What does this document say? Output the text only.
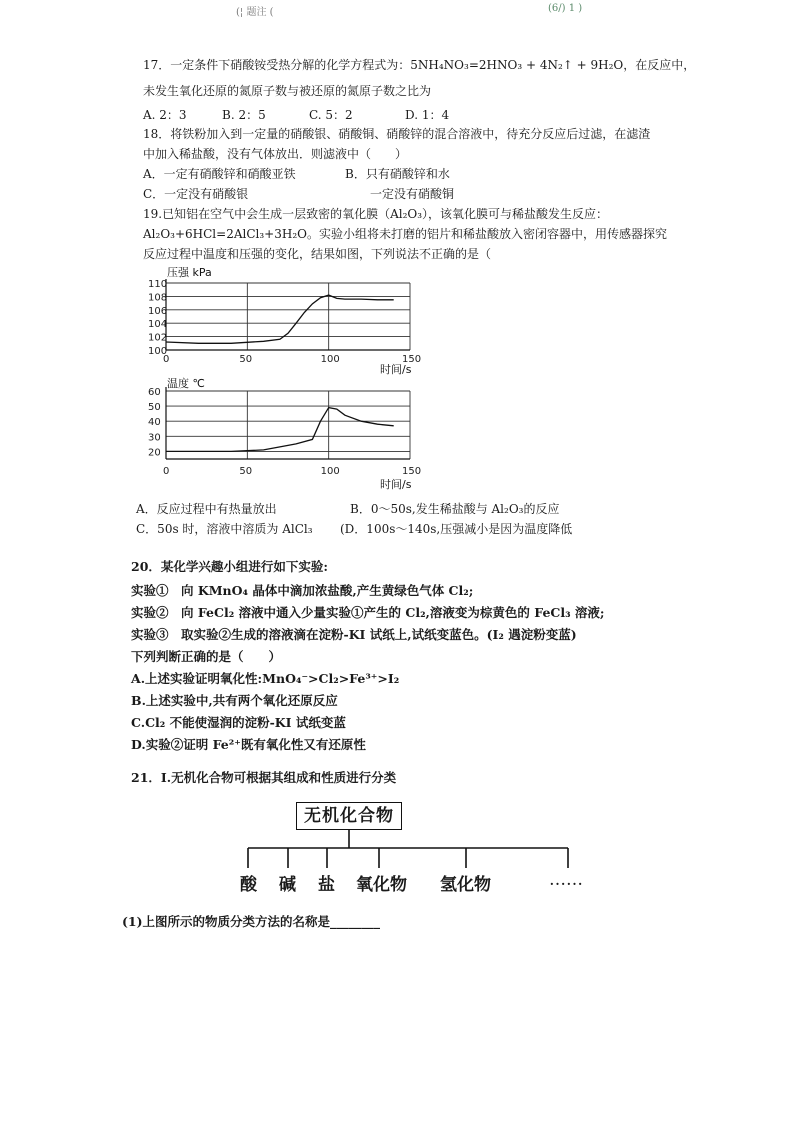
(¦ 题注 (	(6/) 1 )
17．一定条件下硝酸铵受热分解的化学方程式为：5NH₄NO₃=2HNO₃ + 4N₂↑ + 9H₂O，在反应中，
未发生氧化还原的氮原子数与被还原的氮原子数之比为
A. 2：3	B. 2：5	C. 5：2	D. 1：4
18．将铁粉加入到一定量的硝酸银、硝酸铜、硝酸锌的混合溶液中，待充分反应后过滤，在滤渣
中加入稀盐酸，没有气体放出．则滤液中（　　）
A．一定有硝酸锌和硝酸亚铁	B．只有硝酸锌和水
C．一定没有硝酸银	一定没有硝酸铜
19.已知铝在空气中会生成一层致密的氧化膜（Al₂O₃），该氧化膜可与稀盐酸发生反应：
Al₂O₃+6HCl=2AlCl₃+3H₂O。实验小组将未打磨的铝片和稀盐酸放入密闭容器中，用传感器探究
反应过程中温度和压强的变化，结果如图，下列说法不正确的是（
100
102
104
106
108
110
0	50	100	150
压强 kPa
时间/s
20
30
40
50
60
0	50	100	150
温度 ℃
时间/s
A．反应过程中有热量放出	B．0～50s,发生稀盐酸与 Al₂O₃的反应
C．50s 时，溶液中溶质为 AlCl₃ (D．100s～140s,压强减小是因为温度降低
20．某化学兴趣小组进行如下实验:
实验①　向 KMnO₄ 晶体中滴加浓盐酸,产生黄绿色气体 Cl₂;
实验②　向 FeCl₂ 溶液中通入少量实验①产生的 Cl₂,溶液变为棕黄色的 FeCl₃ 溶液;
实验③　取实验②生成的溶液滴在淀粉-KI 试纸上,试纸变蓝色。(I₂ 遇淀粉变蓝)
下列判断正确的是（　　）
A.上述实验证明氧化性:MnO₄⁻>Cl₂>Fe³⁺>I₂
B.上述实验中,共有两个氧化还原反应
C.Cl₂ 不能使湿润的淀粉-KI 试纸变蓝
D.实验②证明 Fe²⁺既有氧化性又有还原性
21．Ⅰ.无机化合物可根据其组成和性质进行分类
无机化合物
酸 碱 盐 氧化物 氢化物	……
(1)上图所示的物质分类方法的名称是________
